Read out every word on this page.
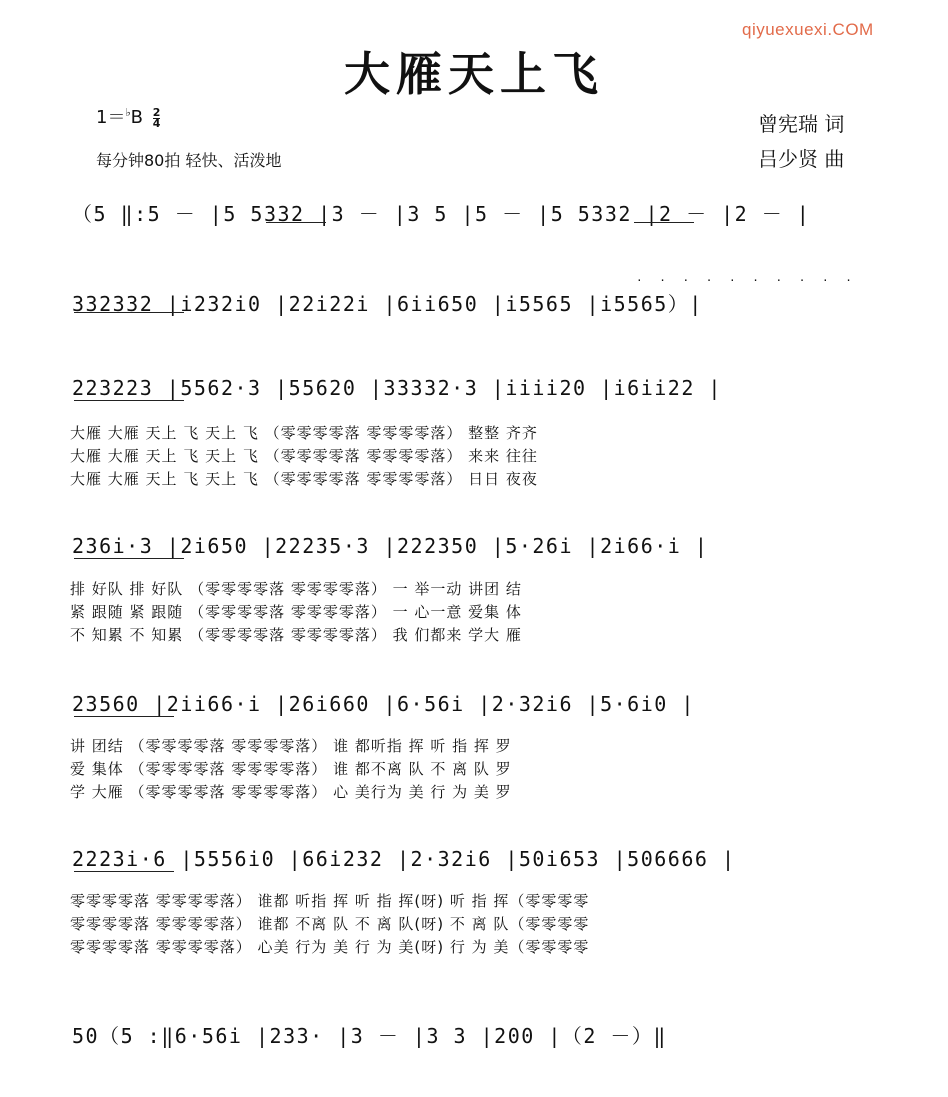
qiyuexuexi.COM
大雁天上飞
$1=^♭B \frac{2}{4}$
每分钟80拍 轻快、活泼地
曾宪瑞 词
吕少贤 曲
（5 ‖:5 － |5 5332 |3 － |3 5 |5 － |5 5332 |2 － |2 － |
· · · · · · · · · ·
332332 |i232i0 |22i22i |6ii650 |i5565 |i5565）|
223223 |5562·3 |55620 |33332·3 |iiii20 |i6ii22 |
大雁 大雁 天上 飞 天上 飞 （零零零零落 零零零零落） 整整 齐齐
大雁 大雁 天上 飞 天上 飞 （零零零零落 零零零零落） 来来 往往
大雁 大雁 天上 飞 天上 飞 （零零零零落 零零零零落） 日日 夜夜
236i·3 |2i650 |22235·3 |222350 |5·26i |2i66·i |
排 好队 排 好队 （零零零零落 零零零零落） 一 举一动 讲团 结
紧 跟随 紧 跟随 （零零零零落 零零零零落） 一 心一意 爱集 体
不 知累 不 知累 （零零零零落 零零零零落） 我 们都来 学大 雁
23560 |2ii66·i |26i660 |6·56i |2·32i6 |5·6i0 |
讲 团结 （零零零零落 零零零零落） 谁 都听指 挥 听 指 挥 罗
爱 集体 （零零零零落 零零零零落） 谁 都不离 队 不 离 队 罗
学 大雁 （零零零零落 零零零零落） 心 美行为 美 行 为 美 罗
2223i·6 |5556i0 |66i232 |2·32i6 |50i653 |506666 |
零零零零落 零零零零落） 谁都 听指 挥 听 指 挥(呀) 听 指 挥（零零零零
零零零零落 零零零零落） 谁都 不离 队 不 离 队(呀) 不 离 队（零零零零
零零零零落 零零零零落） 心美 行为 美 行 为 美(呀) 行 为 美（零零零零
50（5 :‖6·56i |233· |3 － |3 3 |200 |（2 －）‖
